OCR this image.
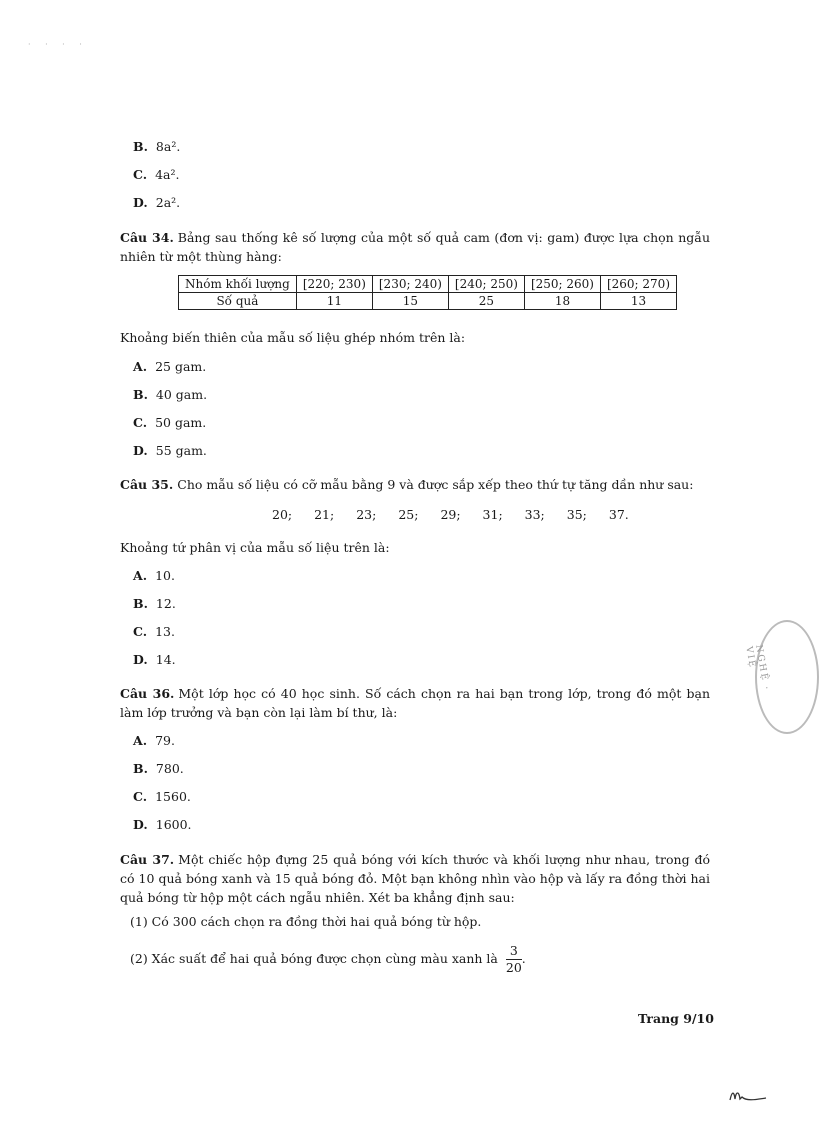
· · · ·
B. 8a².
C. 4a².
D. 2a².
Câu 34. Bảng sau thống kê số lượng của một số quả cam (đơn vị: gam) được lựa chọn ngẫu nhiên từ một thùng hàng:
Nhóm khối lượng	[220; 230)	[230; 240)	[240; 250)	[250; 260)	[260; 270)
Số quả	11	15	25	18	13
Khoảng biến thiên của mẫu số liệu ghép nhóm trên là:
A. 25 gam.
B. 40 gam.
C. 50 gam.
D. 55 gam.
Câu 35. Cho mẫu số liệu có cỡ mẫu bằng 9 và được sắp xếp theo thứ tự tăng dần như sau:
20; 21; 23; 25; 29; 31; 33; 35; 37.
Khoảng tứ phân vị của mẫu số liệu trên là:
A. 10.
B. 12.
C. 13.
D. 14.
Câu 36. Một lớp học có 40 học sinh. Số cách chọn ra hai bạn trong lớp, trong đó một bạn làm lớp trưởng và bạn còn lại làm bí thư, là:
A. 79.
B. 780.
C. 1560.
D. 1600.
Câu 37. Một chiếc hộp đựng 25 quả bóng với kích thước và khối lượng như nhau, trong đó có 10 quả bóng xanh và 15 quả bóng đỏ. Một bạn không nhìn vào hộp và lấy ra đồng thời hai quả bóng từ hộp một cách ngẫu nhiên. Xét ba khẳng định sau:
(1) Có 300 cách chọn ra đồng thời hai quả bóng từ hộp.
(2) Xác suất để hai quả bóng được chọn cùng màu xanh là $\frac{3}{20}$ .
Trang 9/10
NGHỆ · VIỆ
